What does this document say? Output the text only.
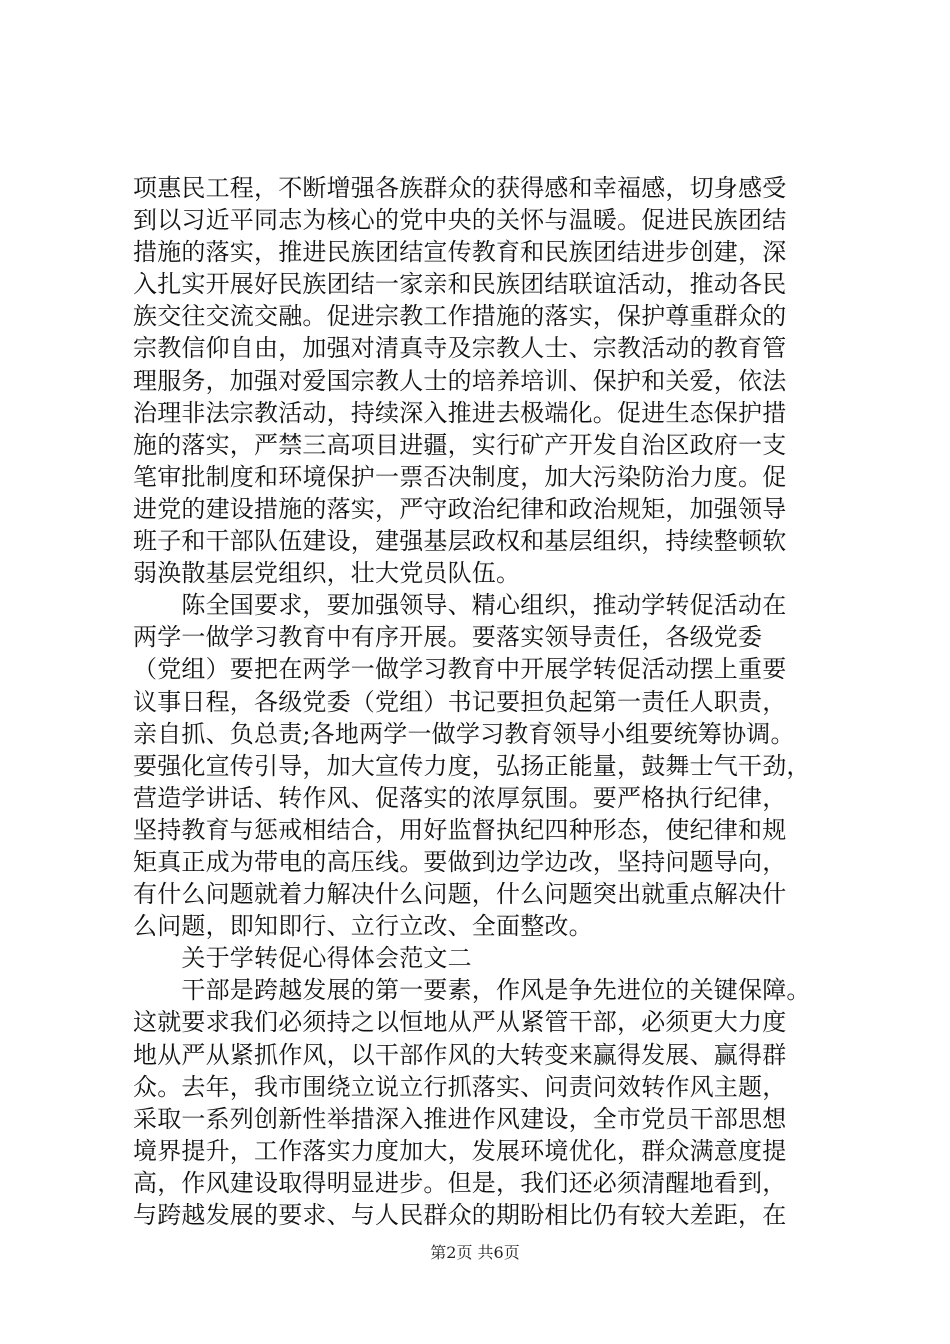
项惠民工程，不断增强各族群众的获得感和幸福感，切身感受
到以习近平同志为核心的党中央的关怀与温暖。促进民族团结
措施的落实，推进民族团结宣传教育和民族团结进步创建，深
入扎实开展好民族团结一家亲和民族团结联谊活动，推动各民
族交往交流交融。促进宗教工作措施的落实，保护尊重群众的
宗教信仰自由，加强对清真寺及宗教人士、宗教活动的教育管
理服务，加强对爱国宗教人士的培养培训、保护和关爱，依法
治理非法宗教活动，持续深入推进去极端化。促进生态保护措
施的落实，严禁三高项目进疆，实行矿产开发自治区政府一支
笔审批制度和环境保护一票否决制度，加大污染防治力度。促
进党的建设措施的落实，严守政治纪律和政治规矩，加强领导
班子和干部队伍建设，建强基层政权和基层组织，持续整顿软
弱涣散基层党组织，壮大党员队伍。
　　陈全国要求，要加强领导、精心组织，推动学转促活动在
两学一做学习教育中有序开展。要落实领导责任，各级党委
（党组）要把在两学一做学习教育中开展学转促活动摆上重要
议事日程，各级党委（党组）书记要担负起第一责任人职责，
亲自抓、负总责;各地两学一做学习教育领导小组要统筹协调。
要强化宣传引导，加大宣传力度，弘扬正能量，鼓舞士气干劲，
营造学讲话、转作风、促落实的浓厚氛围。要严格执行纪律，
坚持教育与惩戒相结合，用好监督执纪四种形态，使纪律和规
矩真正成为带电的高压线。要做到边学边改，坚持问题导向，
有什么问题就着力解决什么问题，什么问题突出就重点解决什
么问题，即知即行、立行立改、全面整改。
　　关于学转促心得体会范文二
　　干部是跨越发展的第一要素，作风是争先进位的关键保障。
这就要求我们必须持之以恒地从严从紧管干部，必须更大力度
地从严从紧抓作风，以干部作风的大转变来赢得发展、赢得群
众。去年，我市围绕立说立行抓落实、问责问效转作风主题，
采取一系列创新性举措深入推进作风建设，全市党员干部思想
境界提升，工作落实力度加大，发展环境优化，群众满意度提
高，作风建设取得明显进步。但是，我们还必须清醒地看到，
与跨越发展的要求、与人民群众的期盼相比仍有较大差距，在
第2页 共6页
